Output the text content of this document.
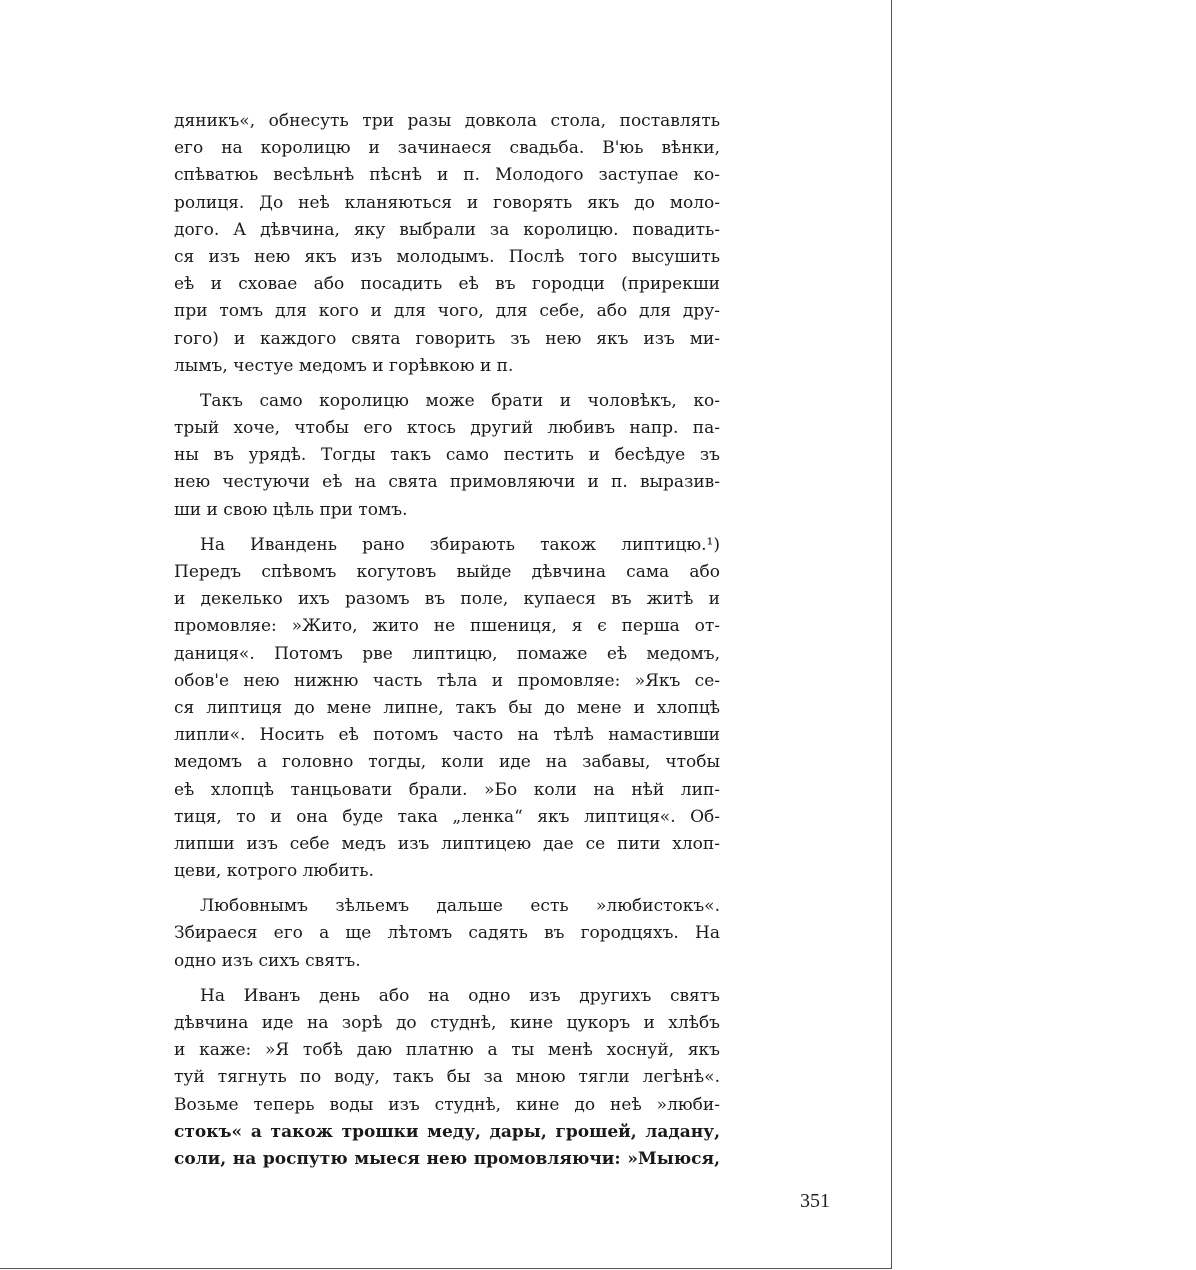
дяникъ«, обнесуть три разы довкола стола, поставлять
его на королицю и зачинаеся свадьба. В'юь вѣнки,
спѣватюь весѣльнѣ пѣснѣ и п. Молодого заступае ко-
ролиця. До неѣ кланяються и говорять якъ до моло-
дого. А дѣвчина, яку выбрали за королицю. повадить-
ся изъ нею якъ изъ молодымъ. Послѣ того высушить
еѣ и сховае або посадить еѣ въ городци (прирекши
при томъ для кого и для чого, для себе, або для дру-
гого) и каждого свята говорить зъ нею якъ изъ ми-
лымъ, честуе медомъ и горѣвкою и п.
Такъ само королицю може брати и чоловѣкъ, ко-
трый хоче, чтобы его ктось другий любивъ напр. па-
ны въ урядѣ. Тогды такъ само пестить и бесѣдуе зъ
нею честуючи еѣ на свята примовляючи и п. выразив-
ши и свою цѣль при томъ.
На Ивандень рано збирають також липтицю.¹)
Передъ спѣвомъ когутовъ выйде дѣвчина сама або
и декелько ихъ разомъ въ поле, купаеся въ житѣ и
промовляе: »Жито, жито не пшениця, я є перша от-
даниця«. Потомъ рве липтицю, помаже еѣ медомъ,
обов'е нею нижню часть тѣла и промовляе: »Якъ се-
ся липтиця до мене липне, такъ бы до мене и хлопцѣ
липли«. Носить еѣ потомъ часто на тѣлѣ намастивши
медомъ а головно тогды, коли иде на забавы, чтобы
еѣ хлопцѣ танцьовати брали. »Бо коли на нѣй лип-
тиця, то и она буде така „ленка“ якъ липтиця«. Об-
липши изъ себе медъ изъ липтицею дае се пити хлоп-
цеви, котрого любить.
Любовнымъ зѣльемъ дальше есть »любистокъ«.
Збираеся его а ще лѣтомъ садять въ городцяхъ. На
одно изъ сихъ святъ.
На Иванъ день або на одно изъ другихъ святъ
дѣвчина иде на зорѣ до студнѣ, кине цукоръ и хлѣбъ
и каже: »Я тобѣ даю платню а ты менѣ хоснуй, якъ
туй тягнуть по воду, такъ бы за мною тягли легѣнѣ«.
Возьме теперь воды изъ студнѣ, кине до неѣ »люби-
стокъ« а також трошки меду, дары, грошей, ладану,
соли, на роспутю мыеся нею промовляючи: »Мыюся,
351
